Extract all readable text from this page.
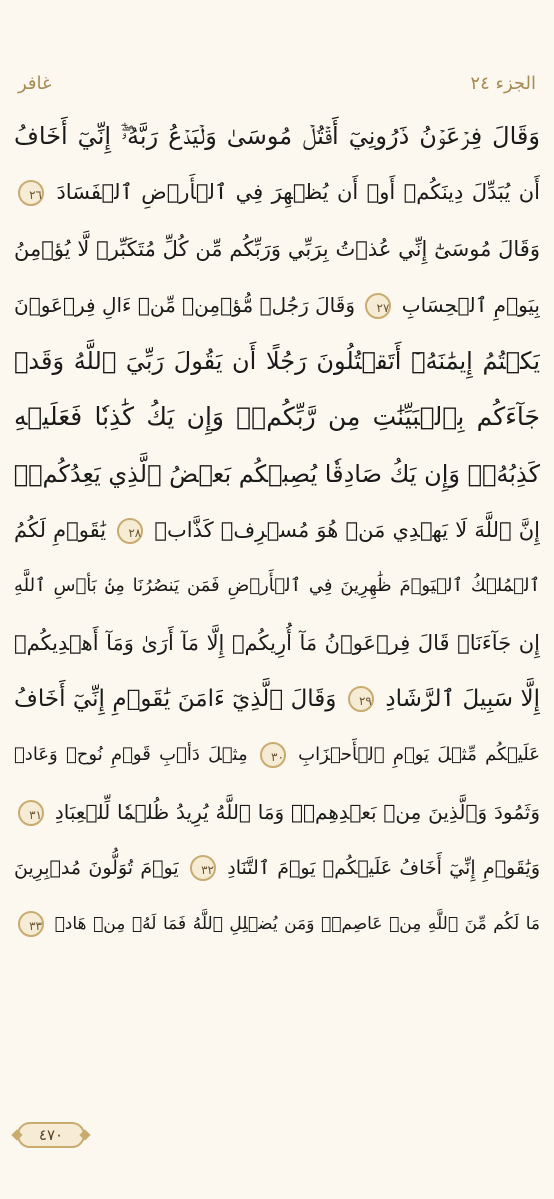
غافر	الجزء ٢٤
وَقَالَ فِرۡعَوۡنُ ذَرُونِيٓ أَقۡتُلۡ مُوسَىٰ وَلۡيَدۡعُ رَبَّهُۥٓۖ إِنِّيٓ أَخَافُ
أَن يُبَدِّلَ دِينَكُمۡ أَوۡ أَن يُظۡهِرَ فِي ٱلۡأَرۡضِ ٱلۡفَسَادَ ٢٦
وَقَالَ مُوسَىٰٓ إِنِّي عُذۡتُ بِرَبِّي وَرَبِّكُم مِّن كُلِّ مُتَكَبِّرٖ لَّا يُؤۡمِنُ
بِيَوۡمِ ٱلۡحِسَابِ ٢٧ وَقَالَ رَجُلٞ مُّؤۡمِنٞ مِّنۡ ءَالِ فِرۡعَوۡنَ
يَكۡتُمُ إِيمَٰنَهُۥٓ أَتَقۡتُلُونَ رَجُلًا أَن يَقُولَ رَبِّيَ ٱللَّهُ وَقَدۡ
جَآءَكُم بِٱلۡبَيِّنَٰتِ مِن رَّبِّكُمۡۖ وَإِن يَكُ كَٰذِبٗا فَعَلَيۡهِ
كَذِبُهُۥۖ وَإِن يَكُ صَادِقٗا يُصِبۡكُم بَعۡضُ ٱلَّذِي يَعِدُكُمۡۖ
إِنَّ ٱللَّهَ لَا يَهۡدِي مَنۡ هُوَ مُسۡرِفٞ كَذَّابٞ ٢٨ يَٰقَوۡمِ لَكُمُ
ٱلۡمُلۡكُ ٱلۡيَوۡمَ ظَٰهِرِينَ فِي ٱلۡأَرۡضِ فَمَن يَنصُرُنَا مِنۢ بَأۡسِ ٱللَّهِ
إِن جَآءَنَاۚ قَالَ فِرۡعَوۡنُ مَآ أُرِيكُمۡ إِلَّا مَآ أَرَىٰ وَمَآ أَهۡدِيكُمۡ
إِلَّا سَبِيلَ ٱلرَّشَادِ ٢٩ وَقَالَ ٱلَّذِيٓ ءَامَنَ يَٰقَوۡمِ إِنِّيٓ أَخَافُ
عَلَيۡكُم مِّثۡلَ يَوۡمِ ٱلۡأَحۡزَابِ ٣٠ مِثۡلَ دَأۡبِ قَوۡمِ نُوحٖ وَعَادٖ
وَثَمُودَ وَٱلَّذِينَ مِنۢ بَعۡدِهِمۡۚ وَمَا ٱللَّهُ يُرِيدُ ظُلۡمٗا لِّلۡعِبَادِ ٣١
وَيَٰقَوۡمِ إِنِّيٓ أَخَافُ عَلَيۡكُمۡ يَوۡمَ ٱلتَّنَادِ ٣٢ يَوۡمَ تُوَلُّونَ مُدۡبِرِينَ
مَا لَكُم مِّنَ ٱللَّهِ مِنۡ عَاصِمٖۗ وَمَن يُضۡلِلِ ٱللَّهُ فَمَا لَهُۥ مِنۡ هَادٖ ٣٣
٤٧٠
